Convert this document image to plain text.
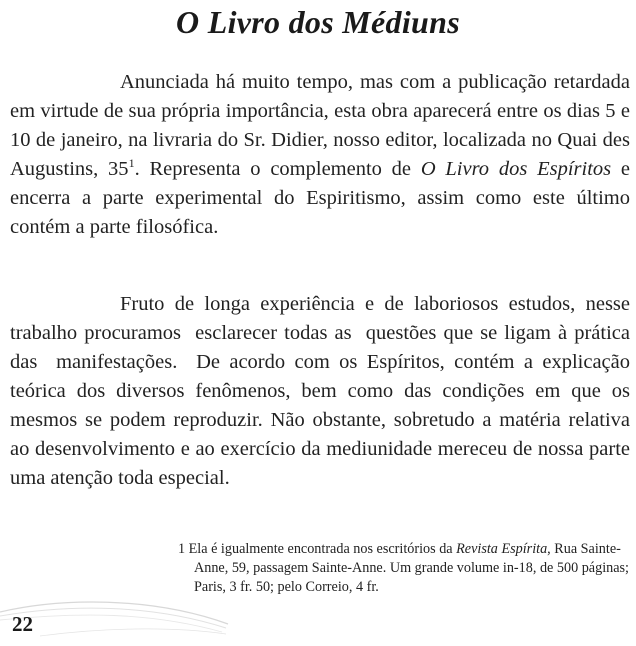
O Livro dos Médiuns

Anunciada há muito tempo, mas com a publicação retardada em virtude de sua própria importância, esta obra aparecerá entre os dias 5 e 10 de janeiro, na livraria do Sr. Didier, nosso editor, localizada no Quai des Augustins, 35$^1$. Representa o complemento de O Livro dos Espíritos e encerra a parte experimental do Espiritismo, assim como este último contém a parte filosófica.

Fruto de longa experiência e de laboriosos estudos, nesse trabalho procuramos  esclarecer todas as  questões que se ligam à prática das  manifestações.  De acordo com os Espíritos, contém a explicação teórica dos diversos fenômenos, bem como das condições em que os mesmos se podem reproduzir. Não obstante, sobretudo a matéria relativa ao desenvolvimento e ao exercício da mediunidade mereceu de nossa parte uma atenção toda especial.

1 Ela é igualmente encontrada nos escritórios da Revista Espírita, Rua Sainte-Anne, 59, passagem Sainte-Anne. Um grande volume in-18, de 500 páginas; Paris, 3 fr. 50; pelo Correio, 4 fr.
22
